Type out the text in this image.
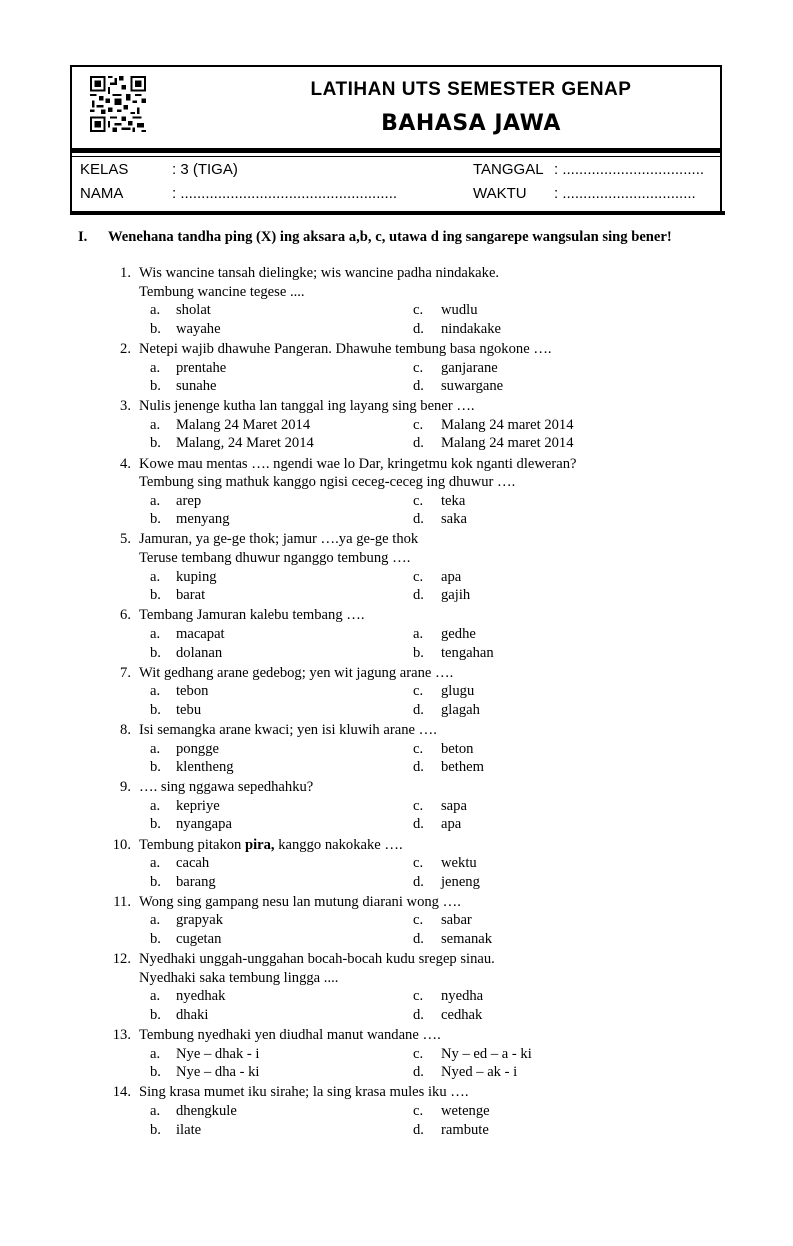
LATIHAN UTS SEMESTER GENAP
BAHASA JAWA
KELAS	: 3 (TIGA)
NAMA	: ....................................................
TANGGAL : ..................................
WAKTU : ................................
I. Wenehana tandha ping (X) ing aksara a,b, c, utawa d ing sangarepe wangsulan sing bener!
1. Wis wancine tansah dielingke; wis wancine padha nindakake.
Tembung wancine tegese ....
a. sholat	c. wudlu
b. wayahe	d. nindakake
2. Netepi wajib dhawuhe Pangeran. Dhawuhe tembung basa ngokone ….
a. prentahe	c. ganjarane
b. sunahe	d. suwargane
3. Nulis jenenge kutha lan tanggal ing layang sing bener ….
a. Malang 24 Maret 2014	c. Malang 24 maret 2014
b. Malang, 24 Maret 2014	d. Malang 24 maret 2014
4. Kowe mau mentas …. ngendi wae lo Dar, kringetmu kok nganti dleweran?
Tembung sing mathuk kanggo ngisi ceceg-ceceg ing dhuwur ….
a. arep	c. teka
b. menyang	d. saka
5. Jamuran, ya ge-ge thok; jamur ….ya ge-ge thok
Teruse tembang dhuwur nganggo tembung ….
a. kuping	c. apa
b. barat	d. gajih
6. Tembang Jamuran kalebu tembang ….
a. macapat	a. gedhe
b. dolanan	b. tengahan
7. Wit gedhang arane gedebog; yen wit jagung arane ….
a. tebon	c. glugu
b. tebu	d. glagah
8. Isi semangka arane kwaci; yen isi kluwih arane ….
a. pongge	c. beton
b. klentheng	d. bethem
9. …. sing nggawa sepedhahku?
a. kepriye	c. sapa
b. nyangapa	d. apa
10. Tembung pitakon pira, kanggo nakokake ….
a. cacah	c. wektu
b. barang	d. jeneng
11. Wong sing gampang nesu lan mutung diarani wong ….
a. grapyak	c. sabar
b. cugetan	d. semanak
12. Nyedhaki unggah-unggahan bocah-bocah kudu sregep sinau.
Nyedhaki saka tembung lingga ....
a. nyedhak	c. nyedha
b. dhaki	d. cedhak
13. Tembung nyedhaki yen diudhal manut wandane ….
a. Nye – dhak - i	c. Ny – ed – a - ki
b. Nye – dha - ki	d. Nyed – ak - i
14. Sing krasa mumet iku sirahe; la sing krasa mules iku ….
a. dhengkule	c. wetenge
b. ilate	d. rambute
